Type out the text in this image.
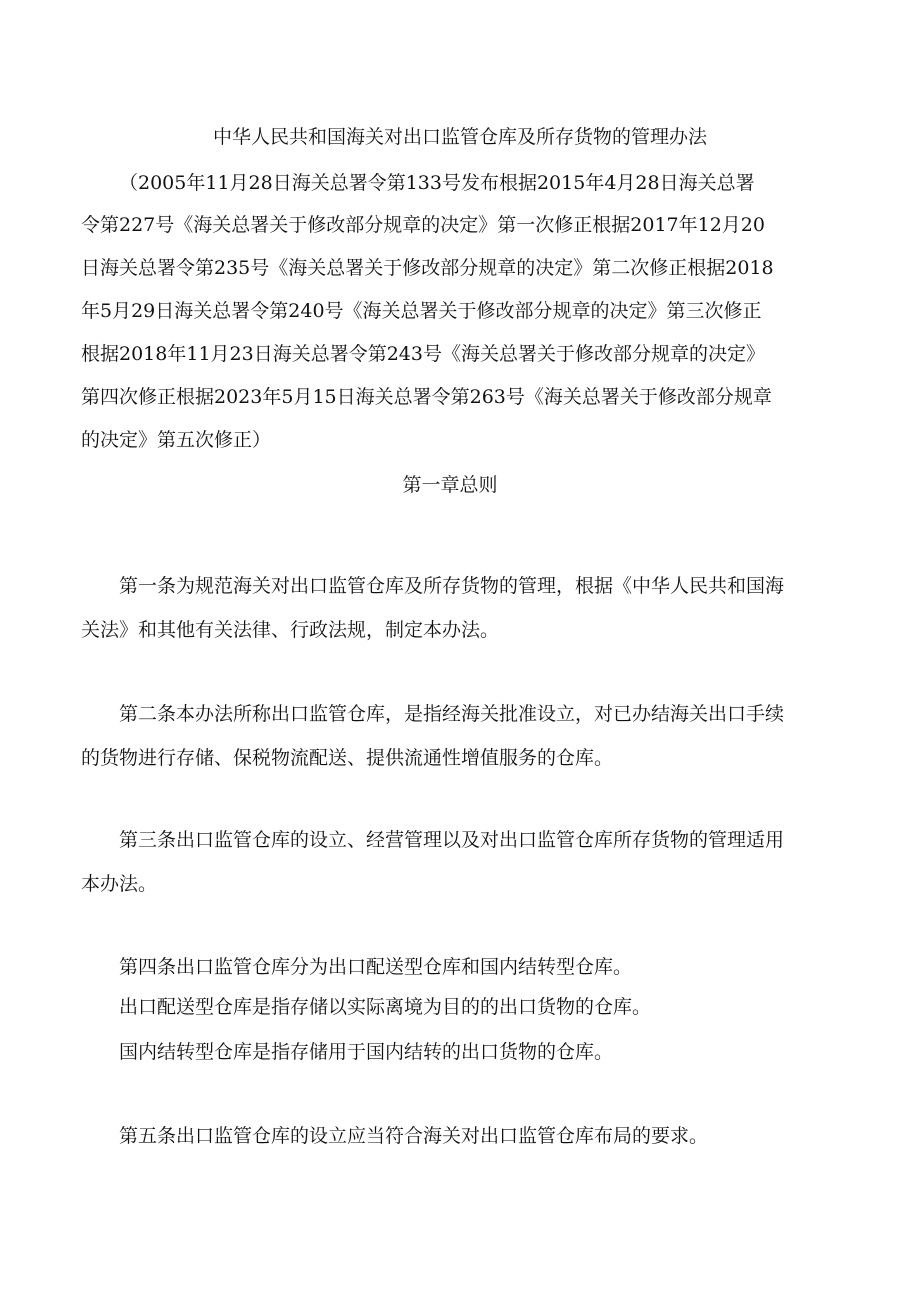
中华人民共和国海关对出口监管仓库及所存货物的管理办法

（2005年11月28日海关总署令第133号发布根据2015年4月28日海关总署

令第227号《海关总署关于修改部分规章的决定》第一次修正根据2017年12月20

日海关总署令第235号《海关总署关于修改部分规章的决定》第二次修正根据2018

年5月29日海关总署令第240号《海关总署关于修改部分规章的决定》第三次修正

根据2018年11月23日海关总署令第243号《海关总署关于修改部分规章的决定》

第四次修正根据2023年5月15日海关总署令第263号《海关总署关于修改部分规章

的决定》第五次修正）

第一章总则

第一条为规范海关对出口监管仓库及所存货物的管理，根据《中华人民共和国海

关法》和其他有关法律、行政法规，制定本办法。

第二条本办法所称出口监管仓库，是指经海关批准设立，对已办结海关出口手续

的货物进行存储、保税物流配送、提供流通性增值服务的仓库。

第三条出口监管仓库的设立、经营管理以及对出口监管仓库所存货物的管理适用

本办法。

第四条出口监管仓库分为出口配送型仓库和国内结转型仓库。

出口配送型仓库是指存储以实际离境为目的的出口货物的仓库。

国内结转型仓库是指存储用于国内结转的出口货物的仓库。

第五条出口监管仓库的设立应当符合海关对出口监管仓库布局的要求。
